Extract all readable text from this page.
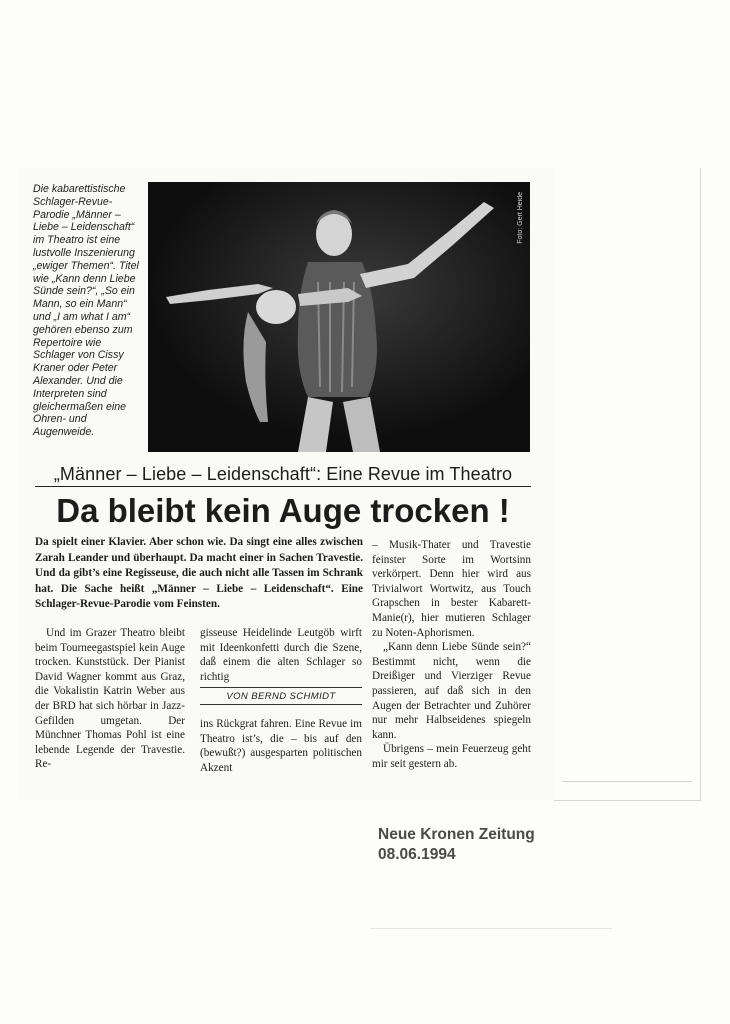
Die kabarettistische Schlager-Revue-Parodie „Männer – Liebe – Leidenschaft“ im Theatro ist eine lustvolle Inszenierung „ewiger Themen“. Titel wie „Kann denn Liebe Sünde sein?“, „So ein Mann, so ein Mann“ und „I am what I am“ gehören ebenso zum Repertoire wie Schlager von Cissy Kraner oder Peter Alexander. Und die Interpreten sind gleichermaßen eine Ohren- und Augenweide.

Foto: Gert Heide

„Männer – Liebe – Leidenschaft“: Eine Revue im Theatro

Da bleibt kein Auge trocken !

Da spielt einer Klavier. Aber schon wie. Da singt eine alles zwischen Zarah Leander und überhaupt. Da macht einer in Sachen Travestie. Und da gibt’s eine Regisseuse, die auch nicht alle Tassen im Schrank hat. Die Sache heißt „Männer – Liebe – Leidenschaft“. Eine Schlager-Revue-Parodie vom Feinsten.

Und im Grazer Theatro bleibt beim Tourneegastspiel kein Auge trocken. Kunststück. Der Pianist David Wagner kommt aus Graz, die Vokalistin Katrin Weber aus der BRD hat sich hörbar in Jazz-Gefilden umgetan. Der Münchner Thomas Pohl ist eine lebende Legende der Travestie. Re-

gisseuse Heidelinde Leutgöb wirft mit Ideenkonfetti durch die Szene, daß einem die alten Schlager so richtig

VON BERND SCHMIDT

ins Rückgrat fahren. Eine Revue im Theatro ist’s, die – bis auf den (bewußt?) ausgesparten politischen Akzent

– Musik-Thater und Travestie feinster Sorte im Wortsinn verkörpert. Denn hier wird aus Trivialwort Wortwitz, aus Touch Grapschen in bester Kabarett-Manie(r), hier mutieren Schlager zu Noten-Aphorismen.

„Kann denn Liebe Sünde sein?“ Bestimmt nicht, wenn die Dreißiger und Vierziger Revue passieren, auf daß sich in den Augen der Betrachter und Zuhörer nur mehr Halbseidenes spiegeln kann.

Übrigens – mein Feuerzeug geht mir seit gestern ab.

Neue Kronen Zeitung
08.06.1994
